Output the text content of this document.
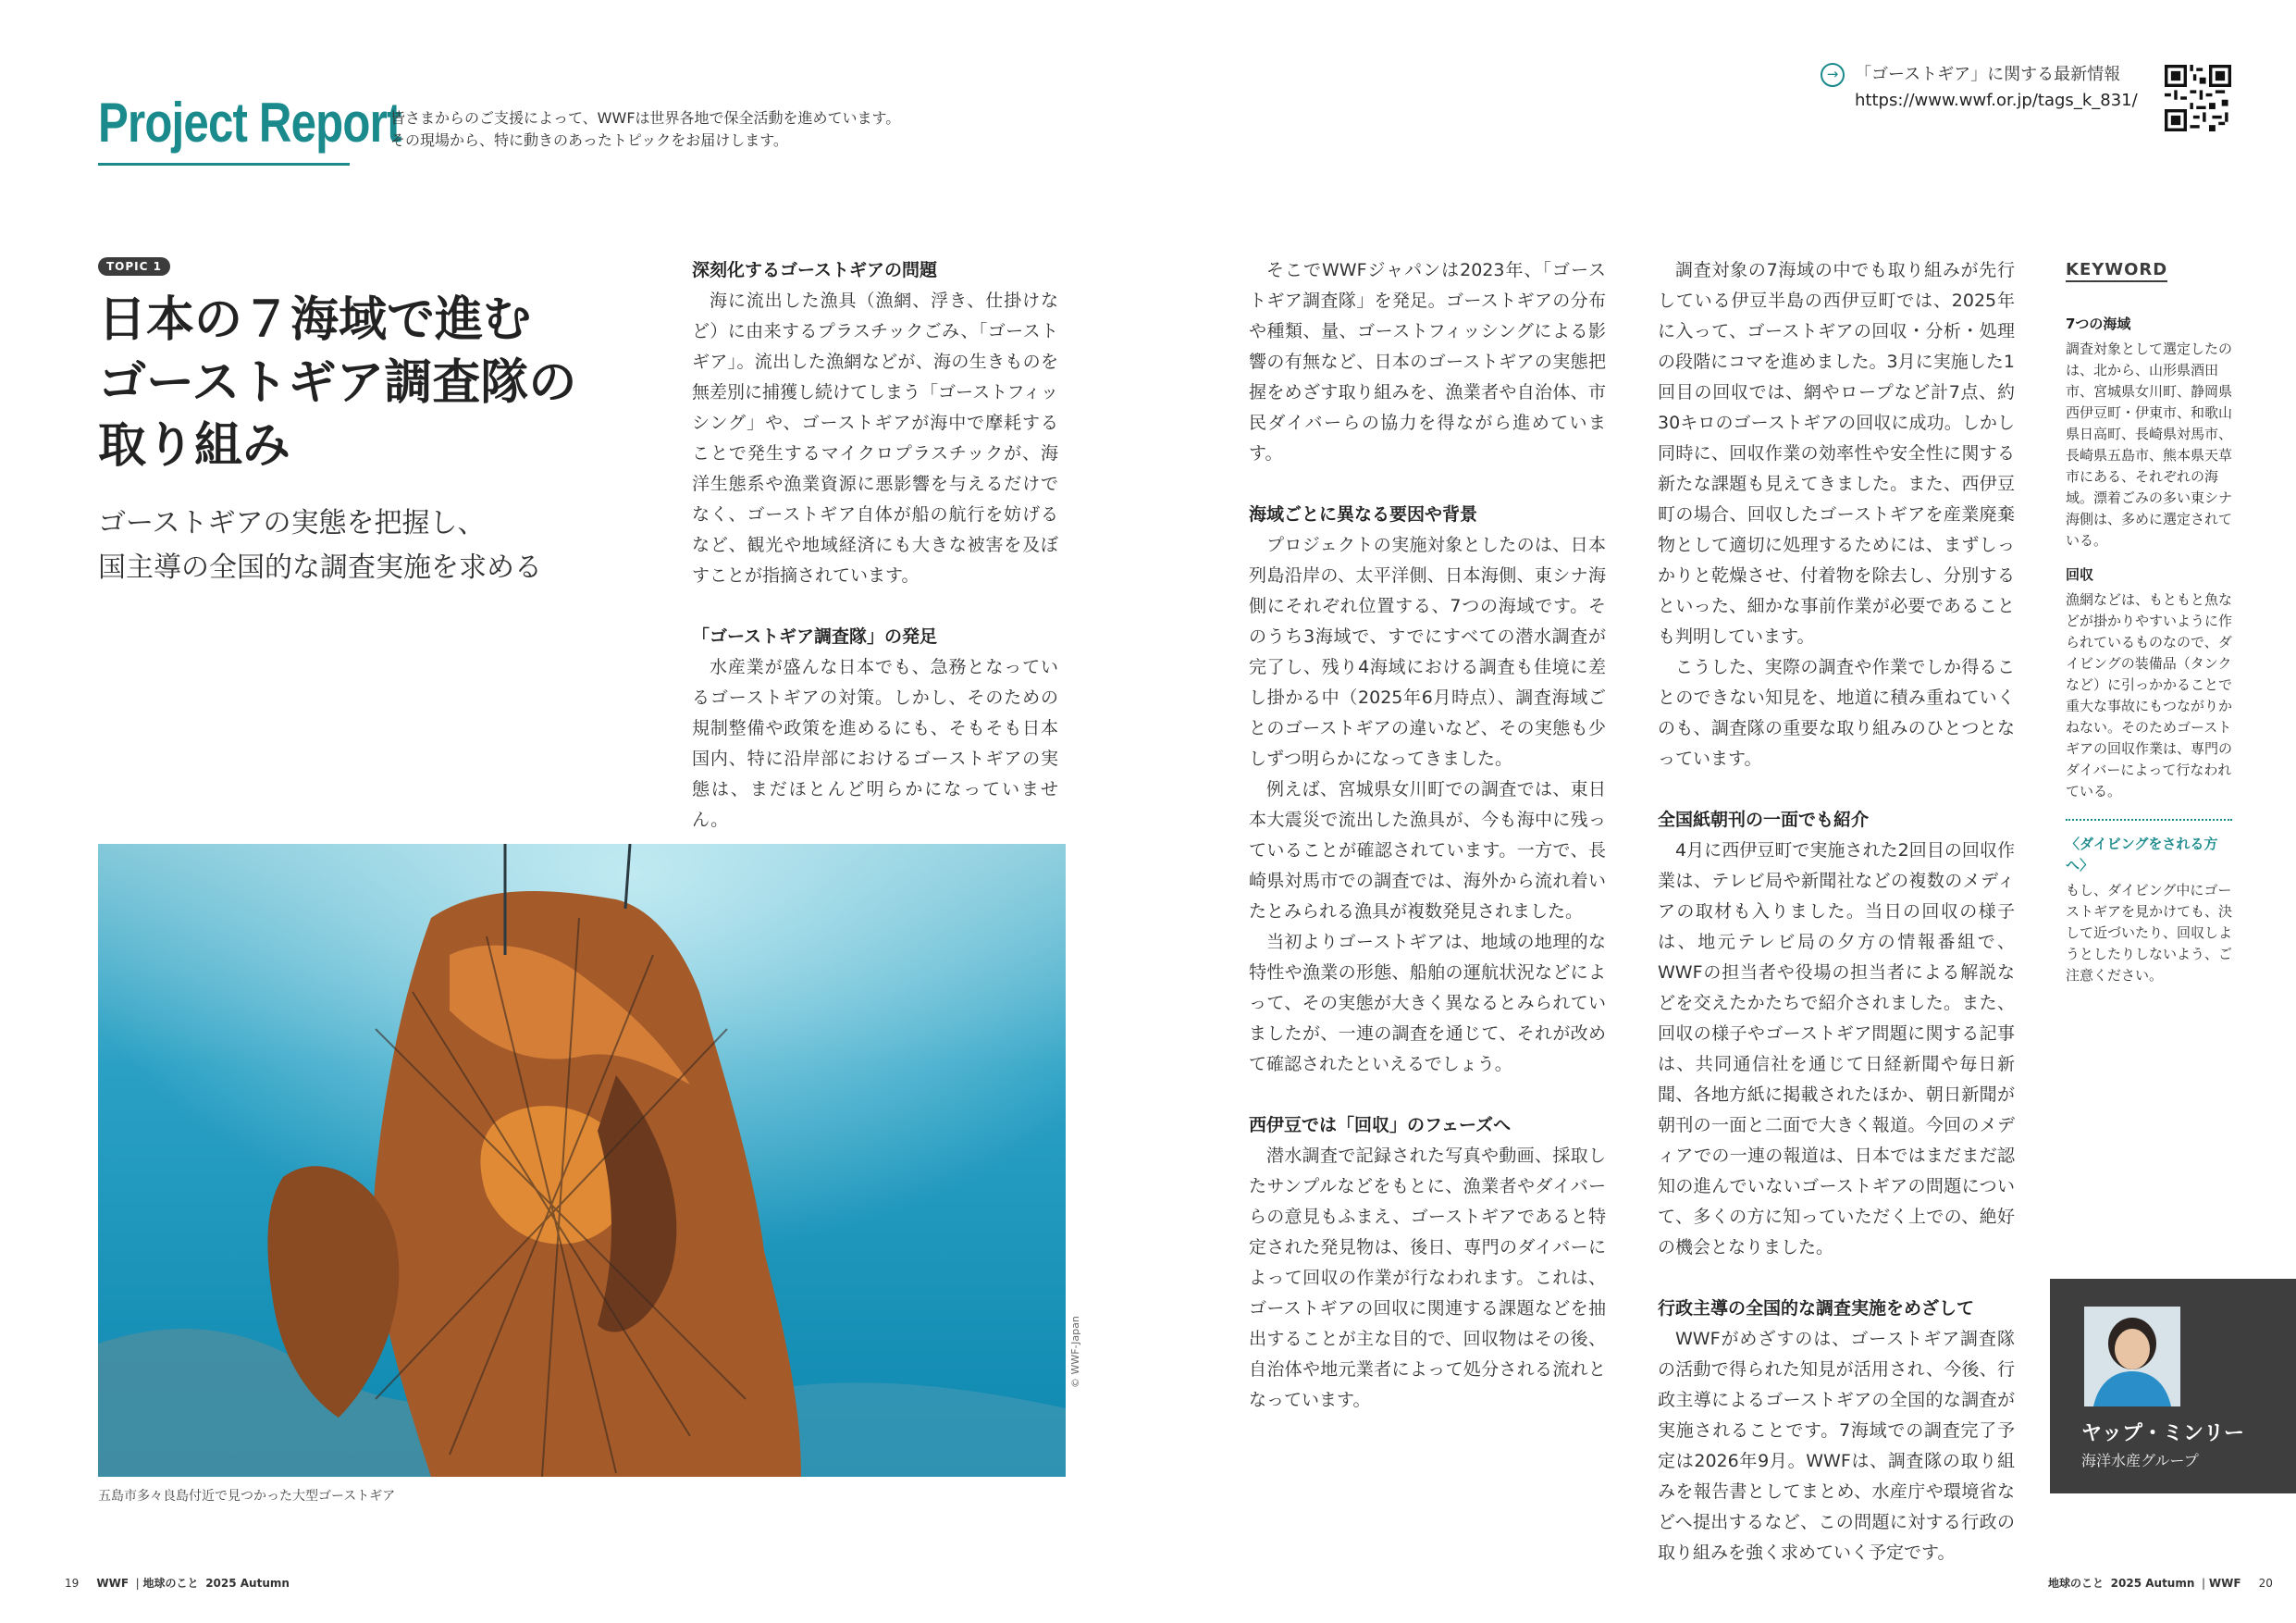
Project Report
皆さまからのご支援によって、WWFは世界各地で保全活動を進めています。
その現場から、特に動きのあったトピックをお届けします。
→ 「ゴーストギア」に関する最新情報
https://www.wwf.or.jp/tags_k_831/
TOPIC 1
日本の７海域で進む
ゴーストギア調査隊の
取り組み
ゴーストギアの実態を把握し、
国主導の全国的な調査実施を求める
深刻化するゴーストギアの問題

海に流出した漁具（漁網、浮き、仕掛けなど）に由来するプラスチックごみ、「ゴーストギア」。流出した漁網などが、海の生きものを無差別に捕獲し続けてしまう「ゴーストフィッシング」や、ゴーストギアが海中で摩耗することで発生するマイクロプラスチックが、海洋生態系や漁業資源に悪影響を与えるだけでなく、ゴーストギア自体が船の航行を妨げるなど、観光や地域経済にも大きな被害を及ぼすことが指摘されています。

「ゴーストギア調査隊」の発足

水産業が盛んな日本でも、急務となっているゴーストギアの対策。しかし、そのための規制整備や政策を進めるにも、そもそも日本国内、特に沿岸部におけるゴーストギアの実態は、まだほとんど明らかになっていません。

そこでWWFジャパンは2023年、「ゴーストギア調査隊」を発足。ゴーストギアの分布や種類、量、ゴーストフィッシングによる影響の有無など、日本のゴーストギアの実態把握をめざす取り組みを、漁業者や自治体、市民ダイバーらの協力を得ながら進めています。

海域ごとに異なる要因や背景

プロジェクトの実施対象としたのは、日本列島沿岸の、太平洋側、日本海側、東シナ海側にそれぞれ位置する、7つの海域です。そのうち3海域で、すでにすべての潜水調査が完了し、残り4海域における調査も佳境に差し掛かる中（2025年6月時点）、調査海域ごとのゴーストギアの違いなど、その実態も少しずつ明らかになってきました。

例えば、宮城県女川町での調査では、東日本大震災で流出した漁具が、今も海中に残っていることが確認されています。一方で、長崎県対馬市での調査では、海外から流れ着いたとみられる漁具が複数発見されました。

当初よりゴーストギアは、地域の地理的な特性や漁業の形態、船舶の運航状況などによって、その実態が大きく異なるとみられていましたが、一連の調査を通じて、それが改めて確認されたといえるでしょう。

西伊豆では「回収」のフェーズへ

潜水調査で記録された写真や動画、採取したサンプルなどをもとに、漁業者やダイバーらの意見もふまえ、ゴーストギアであると特定された発見物は、後日、専門のダイバーによって回収の作業が行なわれます。これは、ゴーストギアの回収に関連する課題などを抽出することが主な目的で、回収物はその後、自治体や地元業者によって処分される流れとなっています。

調査対象の7海域の中でも取り組みが先行している伊豆半島の西伊豆町では、2025年に入って、ゴーストギアの回収・分析・処理の段階にコマを進めました。3月に実施した1回目の回収では、網やロープなど計7点、約30キロのゴーストギアの回収に成功。しかし同時に、回収作業の効率性や安全性に関する新たな課題も見えてきました。また、西伊豆町の場合、回収したゴーストギアを産業廃棄物として適切に処理するためには、まずしっかりと乾燥させ、付着物を除去し、分別するといった、細かな事前作業が必要であることも判明しています。

こうした、実際の調査や作業でしか得ることのできない知見を、地道に積み重ねていくのも、調査隊の重要な取り組みのひとつとなっています。

全国紙朝刊の一面でも紹介

4月に西伊豆町で実施された2回目の回収作業は、テレビ局や新聞社などの複数のメディアの取材も入りました。当日の回収の様子は、地元テレビ局の夕方の情報番組で、WWFの担当者や役場の担当者による解説などを交えたかたちで紹介されました。また、回収の様子やゴーストギア問題に関する記事は、共同通信社を通じて日経新聞や毎日新聞、各地方紙に掲載されたほか、朝日新聞が朝刊の一面と二面で大きく報道。今回のメディアでの一連の報道は、日本ではまだまだ認知の進んでいないゴーストギアの問題について、多くの方に知っていただく上での、絶好の機会となりました。

行政主導の全国的な調査実施をめざして

WWFがめざすのは、ゴーストギア調査隊の活動で得られた知見が活用され、今後、行政主導によるゴーストギアの全国的な調査が実施されることです。7海域での調査完了予定は2026年9月。WWFは、調査隊の取り組みを報告書としてまとめ、水産庁や環境省などへ提出するなど、この問題に対する行政の取り組みを強く求めていく予定です。

KEYWORD
7つの海域
調査対象として選定したのは、北から、山形県酒田市、宮城県女川町、静岡県西伊豆町・伊東市、和歌山県日高町、長崎県対馬市、長崎県五島市、熊本県天草市にある、それぞれの海域。漂着ごみの多い東シナ海側は、多めに選定されている。
回収
漁網などは、もともと魚などが掛かりやすいように作られているものなので、ダイビングの装備品（タンクなど）に引っかかることで重大な事故にもつながりかねない。そのためゴーストギアの回収作業は、専門のダイバーによって行なわれている。
〈ダイビングをされる方へ〉
もし、ダイビング中にゴーストギアを見かけても、決して近づいたり、回収しようとしたりしないよう、ご注意ください。
© WWF-Japan
五島市多々良島付近で見つかった大型ゴーストギア
ヤップ・ミンリー
海洋水産グループ
19 WWF  | 地球のこと 2025 Autumn	地球のこと 2025 Autumn  | WWF 20
